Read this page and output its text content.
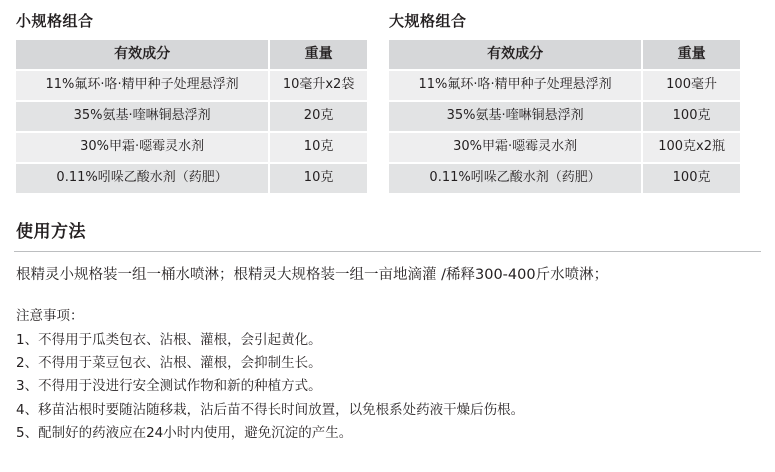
小规格组合
有效成分	重量
11%氟环·咯·精甲种子处理悬浮剂	10毫升x2袋
35%氨基·喹啉铜悬浮剂	20克
30%甲霜·噁霉灵水剂	10克
0.11%吲哚乙酸水剂（药肥）	10克
大规格组合
有效成分	重量
11%氟环·咯·精甲种子处理悬浮剂	100毫升
35%氨基·喹啉铜悬浮剂	100克
30%甲霜·噁霉灵水剂	100克x2瓶
0.11%吲哚乙酸水剂（药肥）	100克
使用方法

根精灵小规格装一组一桶水喷淋；根精灵大规格装一组一亩地滴灌 /稀释300-400斤水喷淋；

注意事项：
1、不得用于瓜类包衣、沾根、灌根，会引起黄化。
2、不得用于菜豆包衣、沾根、灌根，会抑制生长。
3、不得用于没进行安全测试作物和新的种植方式。
4、移苗沾根时要随沾随移栽，沾后苗不得长时间放置，以免根系处药液干燥后伤根。
5、配制好的药液应在24小时内使用，避免沉淀的产生。
